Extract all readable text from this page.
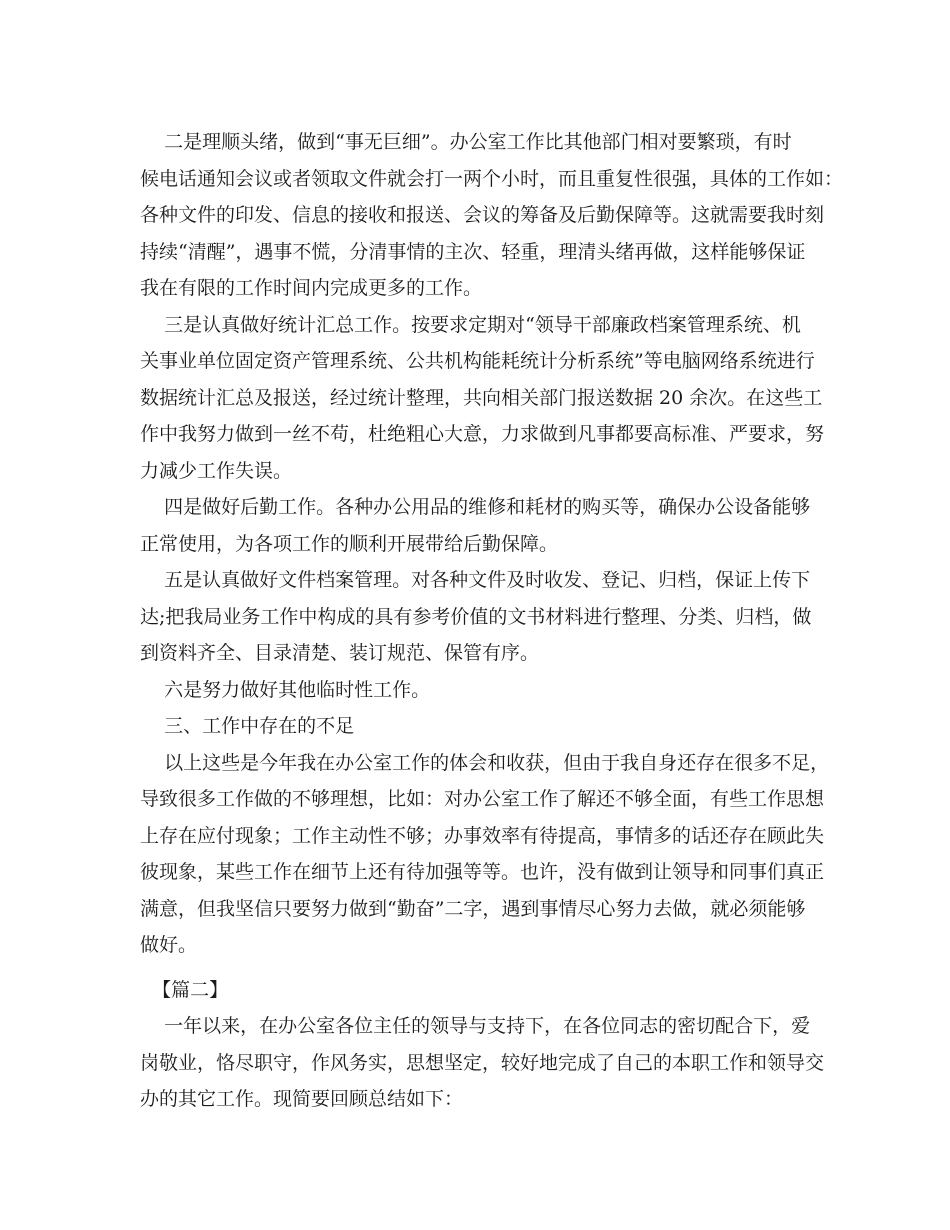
二是理顺头绪，做到“事无巨细”。办公室工作比其他部门相对要繁琐，有时
候电话通知会议或者领取文件就会打一两个小时，而且重复性很强，具体的工作如：
各种文件的印发、信息的接收和报送、会议的筹备及后勤保障等。这就需要我时刻
持续“清醒”，遇事不慌，分清事情的主次、轻重，理清头绪再做，这样能够保证
我在有限的工作时间内完成更多的工作。
三是认真做好统计汇总工作。按要求定期对“领导干部廉政档案管理系统、机
关事业单位固定资产管理系统、公共机构能耗统计分析系统”等电脑网络系统进行
数据统计汇总及报送，经过统计整理，共向相关部门报送数据 20 余次。在这些工
作中我努力做到一丝不苟，杜绝粗心大意，力求做到凡事都要高标准、严要求，努
力减少工作失误。
四是做好后勤工作。各种办公用品的维修和耗材的购买等，确保办公设备能够
正常使用，为各项工作的顺利开展带给后勤保障。
五是认真做好文件档案管理。对各种文件及时收发、登记、归档，保证上传下
达;把我局业务工作中构成的具有参考价值的文书材料进行整理、分类、归档，做
到资料齐全、目录清楚、装订规范、保管有序。
六是努力做好其他临时性工作。
三、工作中存在的不足
以上这些是今年我在办公室工作的体会和收获，但由于我自身还存在很多不足，
导致很多工作做的不够理想，比如：对办公室工作了解还不够全面，有些工作思想
上存在应付现象；工作主动性不够；办事效率有待提高，事情多的话还存在顾此失
彼现象，某些工作在细节上还有待加强等等。也许，没有做到让领导和同事们真正
满意，但我坚信只要努力做到“勤奋”二字，遇到事情尽心努力去做，就必须能够
做好。
【篇二】
一年以来，在办公室各位主任的领导与支持下，在各位同志的密切配合下，爱
岗敬业，恪尽职守，作风务实，思想坚定，较好地完成了自己的本职工作和领导交
办的其它工作。现简要回顾总结如下：
